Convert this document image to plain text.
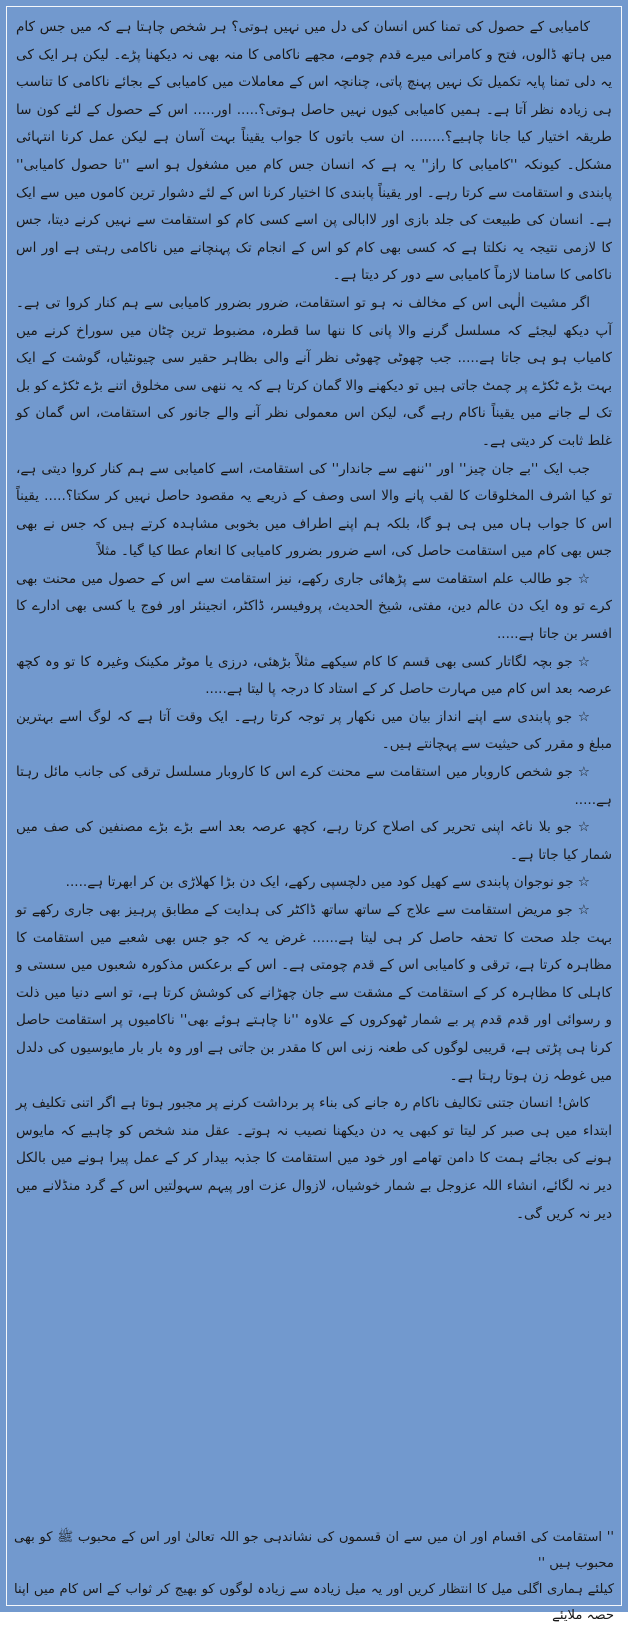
کامیابی کے حصول کی تمنا کس انسان کی دل میں نہیں ہوتی؟ ہر شخص چاہتا ہے کہ میں جس کام میں ہاتھ ڈالوں، فتح و کامرانی میرے قدم چومے، مجھے ناکامی کا منہ بھی نہ دیکھنا پڑے۔ لیکن ہر ایک کی یہ دلی تمنا پایہ تکمیل تک نہیں پہنچ پاتی، چنانچہ اس کے معاملات میں کامیابی کے بجائے ناکامی کا تناسب ہی زیادہ نظر آتا ہے۔ ہمیں کامیابی کیوں نہیں حاصل ہوتی؟..... اور..... اس کے حصول کے لئے کون سا طریقہ اختیار کیا جانا چاہیے؟........ ان سب باتوں کا جواب یقیناً بہت آسان ہے لیکن عمل کرنا انتہائی مشکل۔ کیونکہ ''کامیابی کا راز'' یہ ہے کہ انسان جس کام میں مشغول ہو اسے ''تا حصول کامیابی'' پابندی و استقامت سے کرتا رہے۔ اور یقیناً پابندی کا اختیار کرنا اس کے لئے دشوار ترین کاموں میں سے ایک ہے۔ انسان کی طبیعت کی جلد بازی اور لاابالی پن اسے کسی کام کو استقامت سے نہیں کرنے دیتا، جس کا لازمی نتیجہ یہ نکلتا ہے کہ کسی بھی کام کو اس کے انجام تک پہنچانے میں ناکامی رہتی ہے اور اس ناکامی کا سامنا لازماً کامیابی سے دور کر دیتا ہے۔

اگر مشیت الٰہی اس کے مخالف نہ ہو تو استقامت، ضرور بضرور کامیابی سے ہم کنار کروا تی ہے۔ آپ دیکھ لیجئے کہ مسلسل گرنے والا پانی کا ننھا سا قطرہ، مضبوط ترین چٹان میں سوراخ کرنے میں کامیاب ہو ہی جاتا ہے..... جب چھوٹی چھوٹی نظر آنے والی بظاہر حقیر سی چیونٹیاں، گوشت کے ایک بہت بڑے ٹکڑے پر چمٹ جاتی ہیں تو دیکھنے والا گمان کرتا ہے کہ یہ ننھی سی مخلوق اتنے بڑے ٹکڑے کو بل تک لے جانے میں یقیناً ناکام رہے گی، لیکن اس معمولی نظر آنے والے جانور کی استقامت، اس گمان کو غلط ثابت کر دیتی ہے۔

جب ایک ''بے جان چیز'' اور ''ننھے سے جاندار'' کی استقامت، اسے کامیابی سے ہم کنار کروا دیتی ہے، تو کیا اشرف المخلوقات کا لقب پانے والا اسی وصف کے ذریعے یہ مقصود حاصل نہیں کر سکتا؟..... یقیناً اس کا جواب ہاں میں ہی ہو گا، بلکہ ہم اپنے اطراف میں بخوبی مشاہدہ کرتے ہیں کہ جس نے بھی جس بھی کام میں استقامت حاصل کی، اسے ضرور بضرور کامیابی کا انعام عطا کیا گیا۔ مثلاً

☆ جو طالب علم استقامت سے پڑھائی جاری رکھے، نیز استقامت سے اس کے حصول میں محنت بھی کرے تو وہ ایک دن عالم دین، مفتی، شیخ الحدیث، پروفیسر، ڈاکٹر، انجینئر اور فوج یا کسی بھی ادارے کا افسر بن جاتا ہے.....

☆ جو بچہ لگاتار کسی بھی قسم کا کام سیکھے مثلاً بڑھئی، درزی یا موٹر مکینک وغیرہ کا تو وہ کچھ عرصہ بعد اس کام میں مہارت حاصل کر کے استاد کا درجہ پا لیتا ہے.....

☆ جو پابندی سے اپنے انداز بیان میں نکھار پر توجہ کرتا رہے۔ ایک وقت آتا ہے کہ لوگ اسے بہترین مبلغ و مقرر کی حیثیت سے پہچانتے ہیں۔

☆ جو شخص کاروبار میں استقامت سے محنت کرے اس کا کاروبار مسلسل ترقی کی جانب مائل رہتا ہے.....

☆ جو بلا ناغہ اپنی تحریر کی اصلاح کرتا رہے، کچھ عرصہ بعد اسے بڑے بڑے مصنفین کی صف میں شمار کیا جاتا ہے۔

☆ جو نوجوان پابندی سے کھیل کود میں دلچسپی رکھے، ایک دن بڑا کھلاڑی بن کر ابھرتا ہے.....

☆ جو مریض استقامت سے علاج کے ساتھ ساتھ ڈاکٹر کی ہدایت کے مطابق پرہیز بھی جاری رکھے تو بہت جلد صحت کا تحفہ حاصل کر ہی لیتا ہے...... غرض یہ کہ جو جس بھی شعبے میں استقامت کا مظاہرہ کرتا ہے، ترقی و کامیابی اس کے قدم چومتی ہے۔ اس کے برعکس مذکورہ شعبوں میں سستی و کاہلی کا مظاہرہ کر کے استقامت کے مشقت سے جان چھڑانے کی کوشش کرتا ہے، تو اسے دنیا میں ذلت و رسوائی اور قدم قدم پر بے شمار ٹھوکروں کے علاوہ ''نا چاہتے ہوئے بھی'' ناکامیوں پر استقامت حاصل کرنا ہی پڑتی ہے، قریبی لوگوں کی طعنہ زنی اس کا مقدر بن جاتی ہے اور وہ بار بار مایوسیوں کی دلدل میں غوطہ زن ہوتا رہتا ہے۔

کاش! انسان جتنی تکالیف ناکام رہ جانے کی بناء پر برداشت کرنے پر مجبور ہوتا ہے اگر اتنی تکلیف پر ابتداء میں ہی صبر کر لیتا تو کبھی یہ دن دیکھنا نصیب نہ ہوتے۔ عقل مند شخص کو چاہیے کہ مایوس ہونے کی بجائے ہمت کا دامن تھامے اور خود میں استقامت کا جذبہ بیدار کر کے عمل پیرا ہونے میں بالکل دیر نہ لگائے، انشاء اللہ عزوجل بے شمار خوشیاں، لازوال عزت اور پیہم سہولتیں اس کے گرد منڈلانے میں دیر نہ کریں گی۔

'' استقامت کی اقسام اور ان میں سے ان قسموں کی نشاندہی جو اللہ تعالیٰ اور اس کے محبوب ﷺ کو بھی محبوب ہیں ''

کیلئے ہماری اگلی میل کا انتظار کریں اور یہ میل زیادہ سے زیادہ لوگوں کو بھیج کر ثواب کے اس کام میں اپنا حصہ ملایئے
